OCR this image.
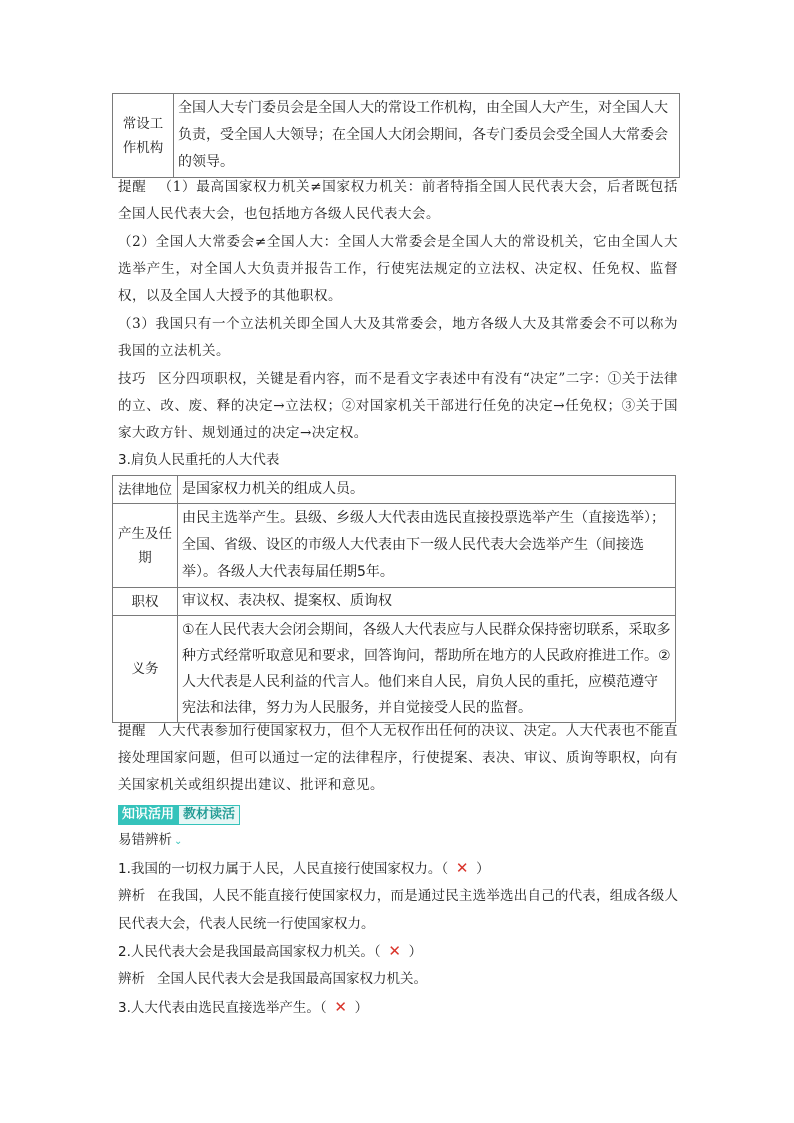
常设工作机构	全国人大专门委员会是全国人大的常设工作机构，由全国人大产生，对全国人大负责，受全国人大领导；在全国人大闭会期间，各专门委员会受全国人大常委会的领导。
提醒 （1）最高国家权力机关≠国家权力机关：前者特指全国人民代表大会，后者既包括全国人民代表大会，也包括地方各级人民代表大会。
（2）全国人大常委会≠全国人大：全国人大常委会是全国人大的常设机关，它由全国人大选举产生，对全国人大负责并报告工作，行使宪法规定的立法权、决定权、任免权、监督权，以及全国人大授予的其他职权。
（3）我国只有一个立法机关即全国人大及其常委会，地方各级人大及其常委会不可以称为我国的立法机关。
技巧 区分四项职权，关键是看内容，而不是看文字表述中有没有“决定”二字：①关于法律的立、改、废、释的决定→立法权；②对国家机关干部进行任免的决定→任免权；③关于国家大政方针、规划通过的决定→决定权。
3.肩负人民重托的人大代表
法律地位	是国家权力机关的组成人员。
产生及任期	由民主选举产生。县级、乡级人大代表由选民直接投票选举产生（直接选举）；全国、省级、设区的市级人大代表由下一级人民代表大会选举产生（间接选举）。各级人大代表每届任期5年。
职权	审议权、表决权、提案权、质询权
义务	①在人民代表大会闭会期间，各级人大代表应与人民群众保持密切联系，采取多种方式经常听取意见和要求，回答询问，帮助所在地方的人民政府推进工作。②人大代表是人民利益的代言人。他们来自人民，肩负人民的重托，应模范遵守宪法和法律，努力为人民服务，并自觉接受人民的监督。
提醒 人大代表参加行使国家权力，但个人无权作出任何的决议、决定。人大代表也不能直接处理国家问题，但可以通过一定的法律程序，行使提案、表决、审议、质询等职权，向有关国家机关或组织提出建议、批评和意见。
知识活用 教材读活
易错辨析 ⌄
1.我国的一切权力属于人民，人民直接行使国家权力。（ ✕ ）
辨析 在我国，人民不能直接行使国家权力，而是通过民主选举选出自己的代表，组成各级人民代表大会，代表人民统一行使国家权力。
2.人民代表大会是我国最高国家权力机关。（ ✕ ）
辨析 全国人民代表大会是我国最高国家权力机关。
3.人大代表由选民直接选举产生。（ ✕ ）
